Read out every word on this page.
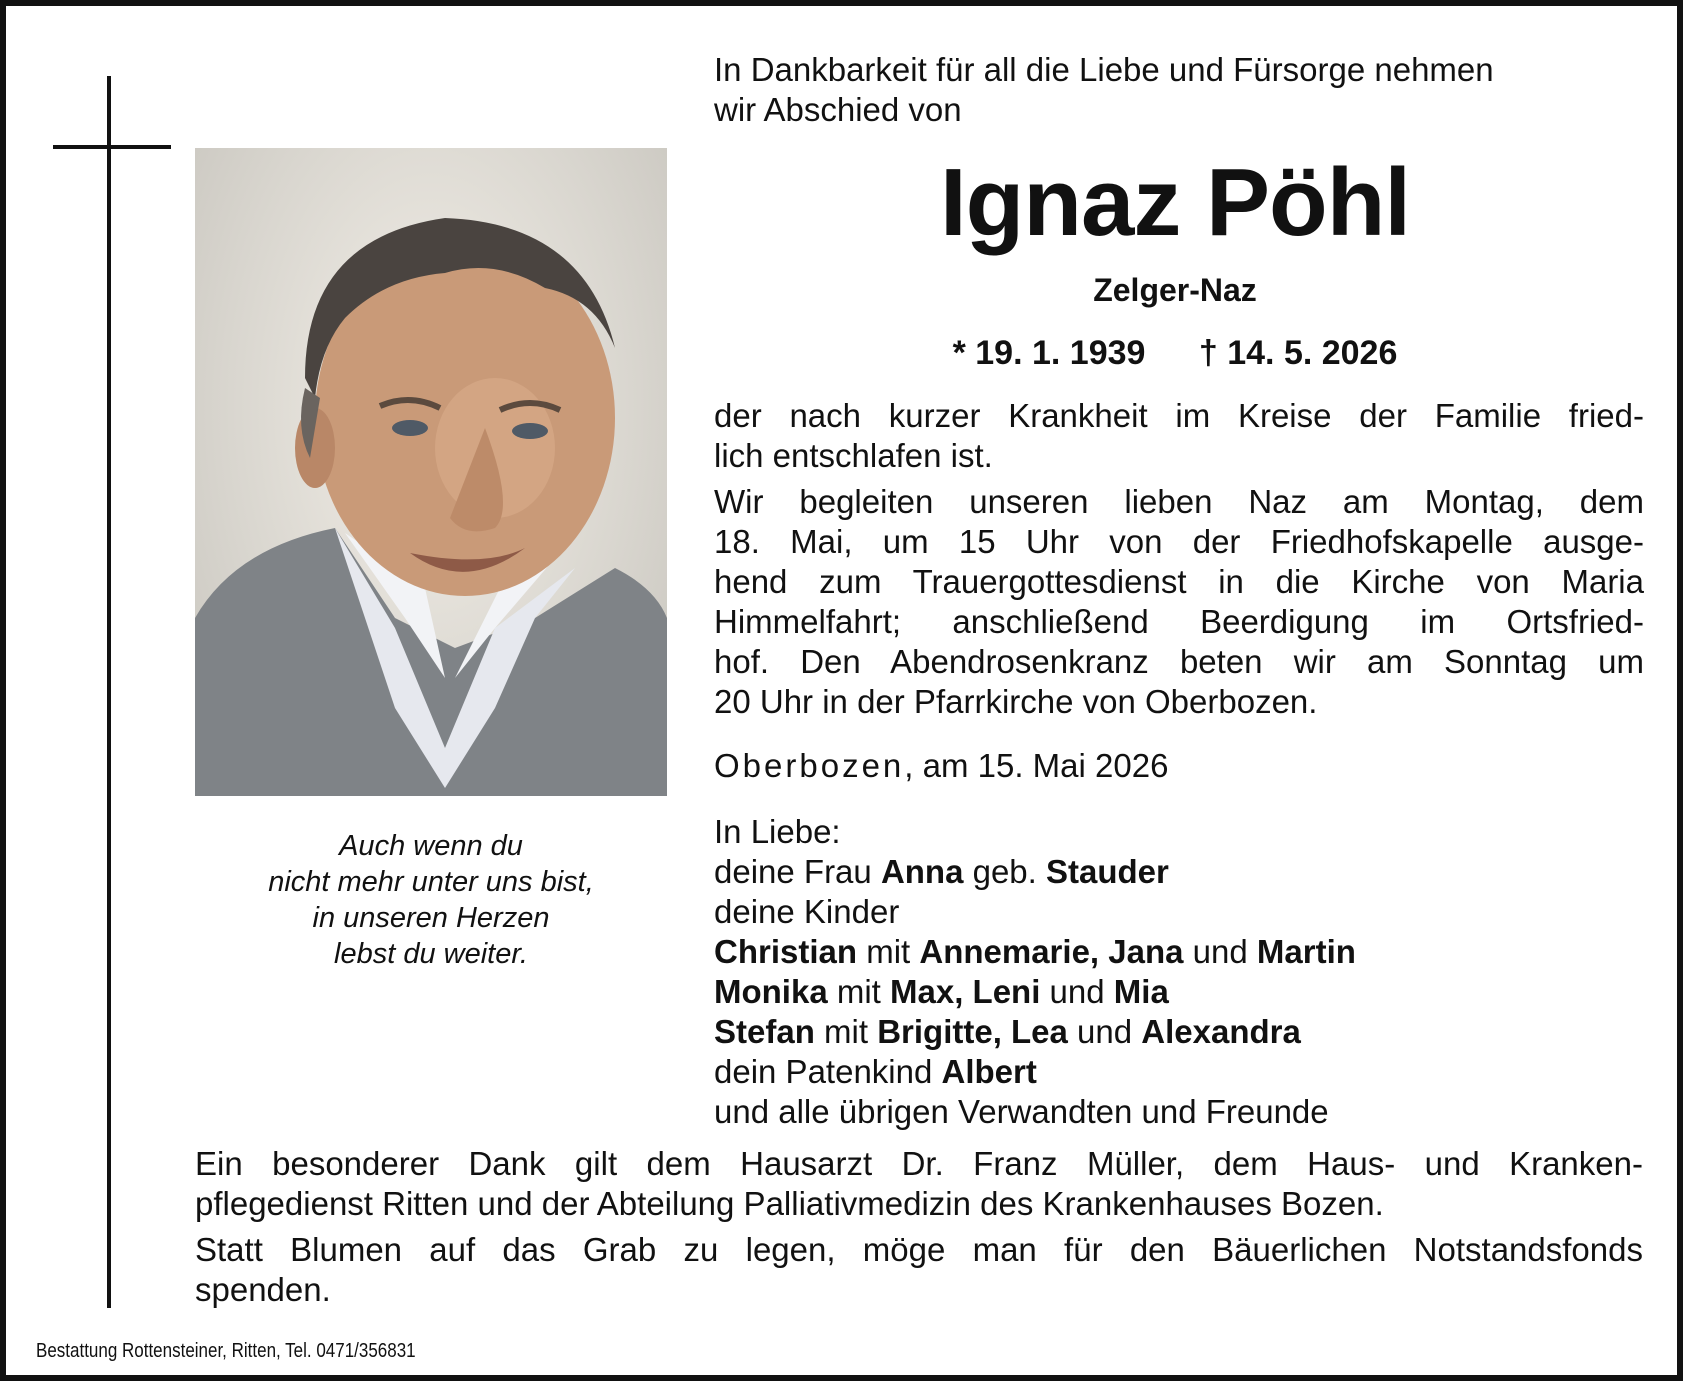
Auch wenn du
nicht mehr unter uns bist,
in unseren Herzen
lebst du weiter.
In Dankbarkeit für all die Liebe und Fürsorge nehmen
wir Abschied von
Ignaz Pöhl
Zelger-Naz
* 19. 1. 1939 † 14. 5. 2026
der nach kurzer Krankheit im Kreise der Familie fried-
lich entschlafen ist.
Wir begleiten unseren lieben Naz am Montag, dem
18. Mai, um 15 Uhr von der Friedhofskapelle ausge-
hend zum Trauergottesdienst in die Kirche von Maria
Himmelfahrt; anschließend Beerdigung im Ortsfried-
hof. Den Abendrosenkranz beten wir am Sonntag um
20 Uhr in der Pfarrkirche von Oberbozen.
Oberbozen, am 15. Mai 2026
In Liebe:
deine Frau Anna geb. Stauder
deine Kinder
Christian mit Annemarie, Jana und Martin
Monika mit Max, Leni und Mia
Stefan mit Brigitte, Lea und Alexandra
dein Patenkind Albert
und alle übrigen Verwandten und Freunde
Ein besonderer Dank gilt dem Hausarzt Dr. Franz Müller, dem Haus- und Kranken-
pflegedienst Ritten und der Abteilung Palliativmedizin des Krankenhauses Bozen.
Statt Blumen auf das Grab zu legen, möge man für den Bäuerlichen Notstandsfonds
spenden.
Bestattung Rottensteiner, Ritten, Tel. 0471/356831
